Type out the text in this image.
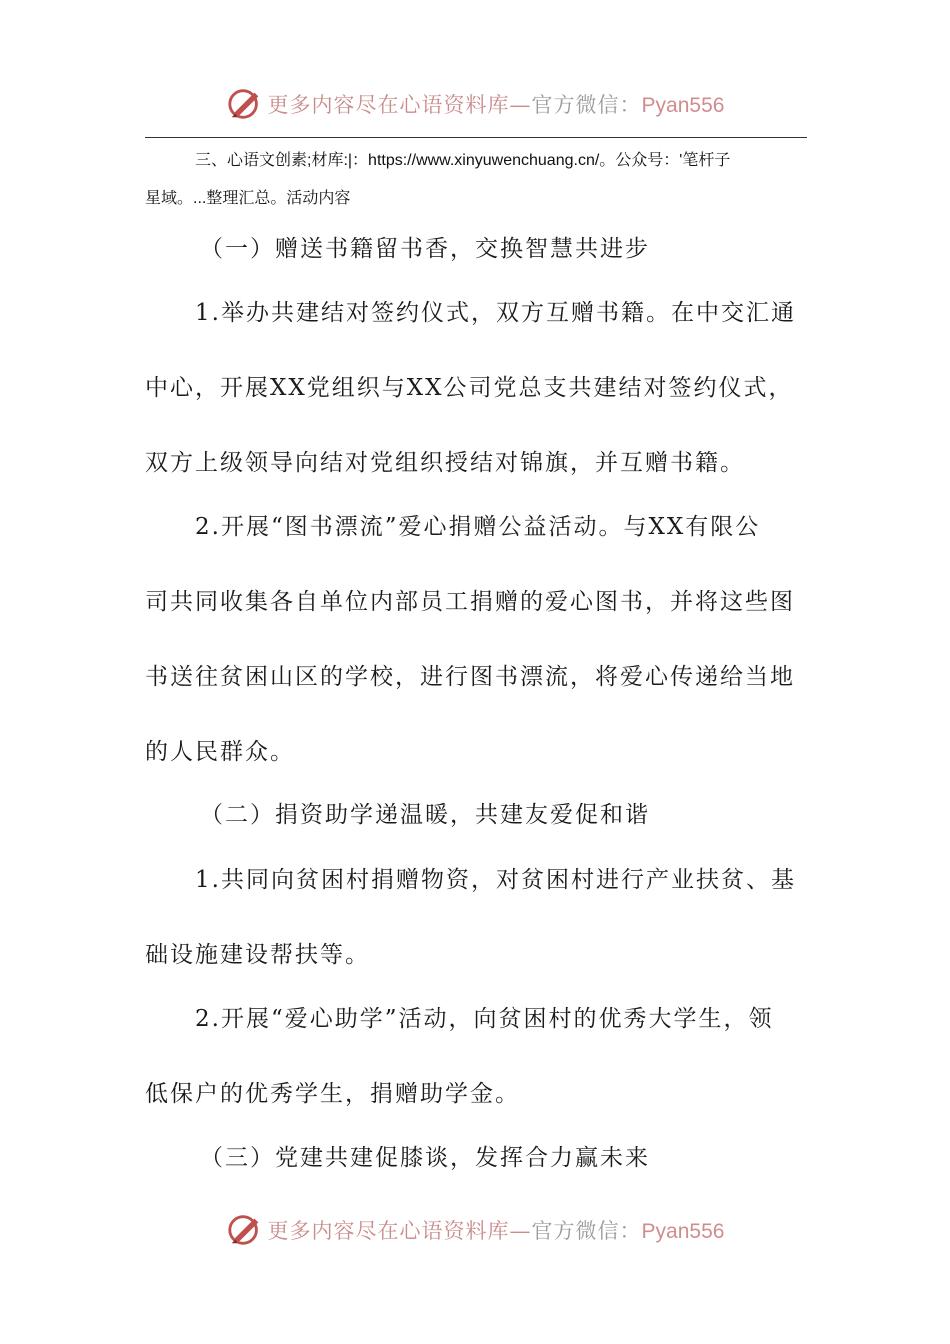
更多内容尽在心语资料库—官方微信：Pyan556
三、心语文创素;材库:|：https://www.xinyuwenchuang.cn/。公众号：'笔杆子
星域。...整理汇总。活动内容
（一）赠送书籍留书香，交换智慧共进步
1.举办共建结对签约仪式，双方互赠书籍。在中交汇通
中心，开展XX党组织与XX公司党总支共建结对签约仪式，
双方上级领导向结对党组织授结对锦旗，并互赠书籍。
2.开展“图书漂流”爱心捐赠公益活动。与XX有限公
司共同收集各自单位内部员工捐赠的爱心图书，并将这些图
书送往贫困山区的学校，进行图书漂流，将爱心传递给当地
的人民群众。
（二）捐资助学递温暖，共建友爱促和谐
1.共同向贫困村捐赠物资，对贫困村进行产业扶贫、基
础设施建设帮扶等。
2.开展“爱心助学”活动，向贫困村的优秀大学生，领
低保户的优秀学生，捐赠助学金。
（三）党建共建促膝谈，发挥合力赢未来
更多内容尽在心语资料库—官方微信：Pyan556
